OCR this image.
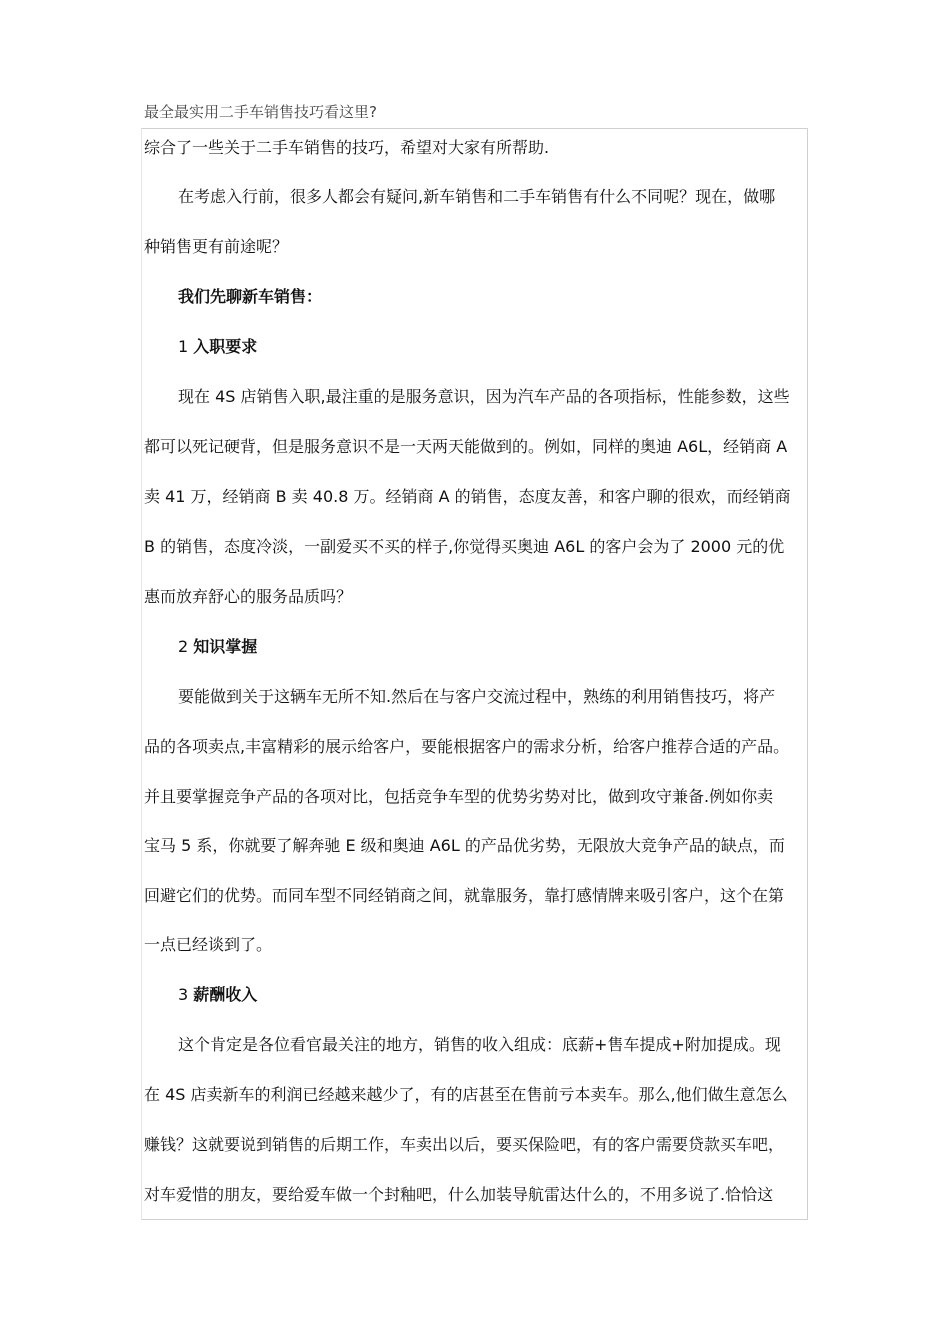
最全最实用二手车销售技巧看这里?
综合了一些关于二手车销售的技巧，希望对大家有所帮助.
在考虑入行前，很多人都会有疑问,新车销售和二手车销售有什么不同呢？现在，做哪
种销售更有前途呢？
我们先聊新车销售：
1 入职要求
现在 4S 店销售入职,最注重的是服务意识，因为汽车产品的各项指标，性能参数，这些
都可以死记硬背，但是服务意识不是一天两天能做到的。例如，同样的奥迪 A6L，经销商 A
卖 41 万，经销商 B 卖 40.8 万。经销商 A 的销售，态度友善，和客户聊的很欢，而经销商
B 的销售，态度冷淡，一副爱买不买的样子,你觉得买奥迪 A6L 的客户会为了 2000 元的优
惠而放弃舒心的服务品质吗？
2 知识掌握
要能做到关于这辆车无所不知.然后在与客户交流过程中，熟练的利用销售技巧，将产
品的各项卖点,丰富精彩的展示给客户，要能根据客户的需求分析，给客户推荐合适的产品。
并且要掌握竞争产品的各项对比，包括竞争车型的优势劣势对比，做到攻守兼备.例如你卖
宝马 5 系，你就要了解奔驰 E 级和奥迪 A6L 的产品优劣势，无限放大竞争产品的缺点，而
回避它们的优势。而同车型不同经销商之间，就靠服务，靠打感情牌来吸引客户，这个在第
一点已经谈到了。
3 薪酬收入
这个肯定是各位看官最关注的地方，销售的收入组成：底薪+售车提成+附加提成。现
在 4S 店卖新车的利润已经越来越少了，有的店甚至在售前亏本卖车。那么,他们做生意怎么
赚钱？这就要说到销售的后期工作，车卖出以后，要买保险吧，有的客户需要贷款买车吧，
对车爱惜的朋友，要给爱车做一个封釉吧，什么加装导航雷达什么的，不用多说了.恰恰这
